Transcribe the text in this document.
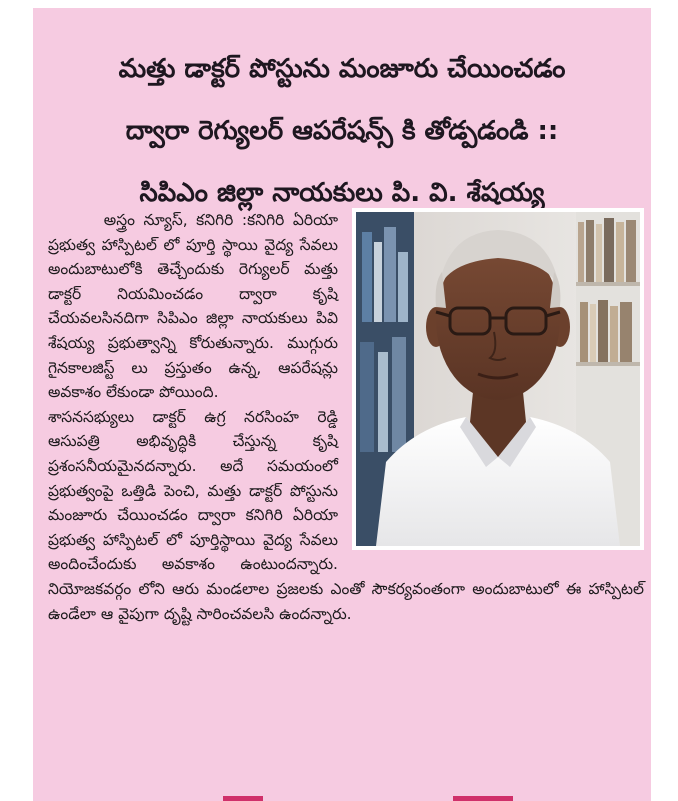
మత్తు డాక్టర్ పోస్టును మంజూరు చేయించడం
ద్వారా రెగ్యులర్ ఆపరేషన్స్ కి తోడ్పడండి ::
సిపిఎం జిల్లా నాయకులు పి. వి. శేషయ్య

అస్త్రం న్యూస్, కనిగిరి :కనిగిరి ఏరియా ప్రభుత్వ హాస్పిటల్ లో పూర్తి స్థాయి వైద్య సేవలు అందుబాటులోకి తెచ్చేందుకు రెగ్యులర్ మత్తు డాక్టర్ నియమించడం ద్వారా కృషి చేయవలసినదిగా సిపిఎం జిల్లా నాయకులు పివి శేషయ్య ప్రభుత్వాన్ని కోరుతున్నారు. ముగ్గురు గైనకాలజిస్ట్ లు ప్రస్తుతం ఉన్న, ఆపరేషన్లు అవకాశం లేకుండా పోయింది.

శాసనసభ్యులు డాక్టర్ ఉగ్ర నరసింహ రెడ్డి ఆసుపత్రి అభివృద్ధికి చేస్తున్న కృషి ప్రశంసనీయమైనదన్నారు. అదే సమయంలో ప్రభుత్వంపై ఒత్తిడి పెంచి, మత్తు డాక్టర్ పోస్టును మంజూరు చేయించడం ద్వారా కనిగిరి ఏరియా ప్రభుత్వ హాస్పిటల్ లో పూర్తిస్థాయి వైద్య సేవలు అందించేందుకు అవకాశం ఉంటుందన్నారు. నియోజకవర్గం లోని ఆరు మండలాల ప్రజలకు ఎంతో సౌకర్యవంతంగా అందుబాటులో ఈ హాస్పిటల్ ఉండేలా ఆ వైపుగా దృష్టి సారించవలసి ఉందన్నారు.
